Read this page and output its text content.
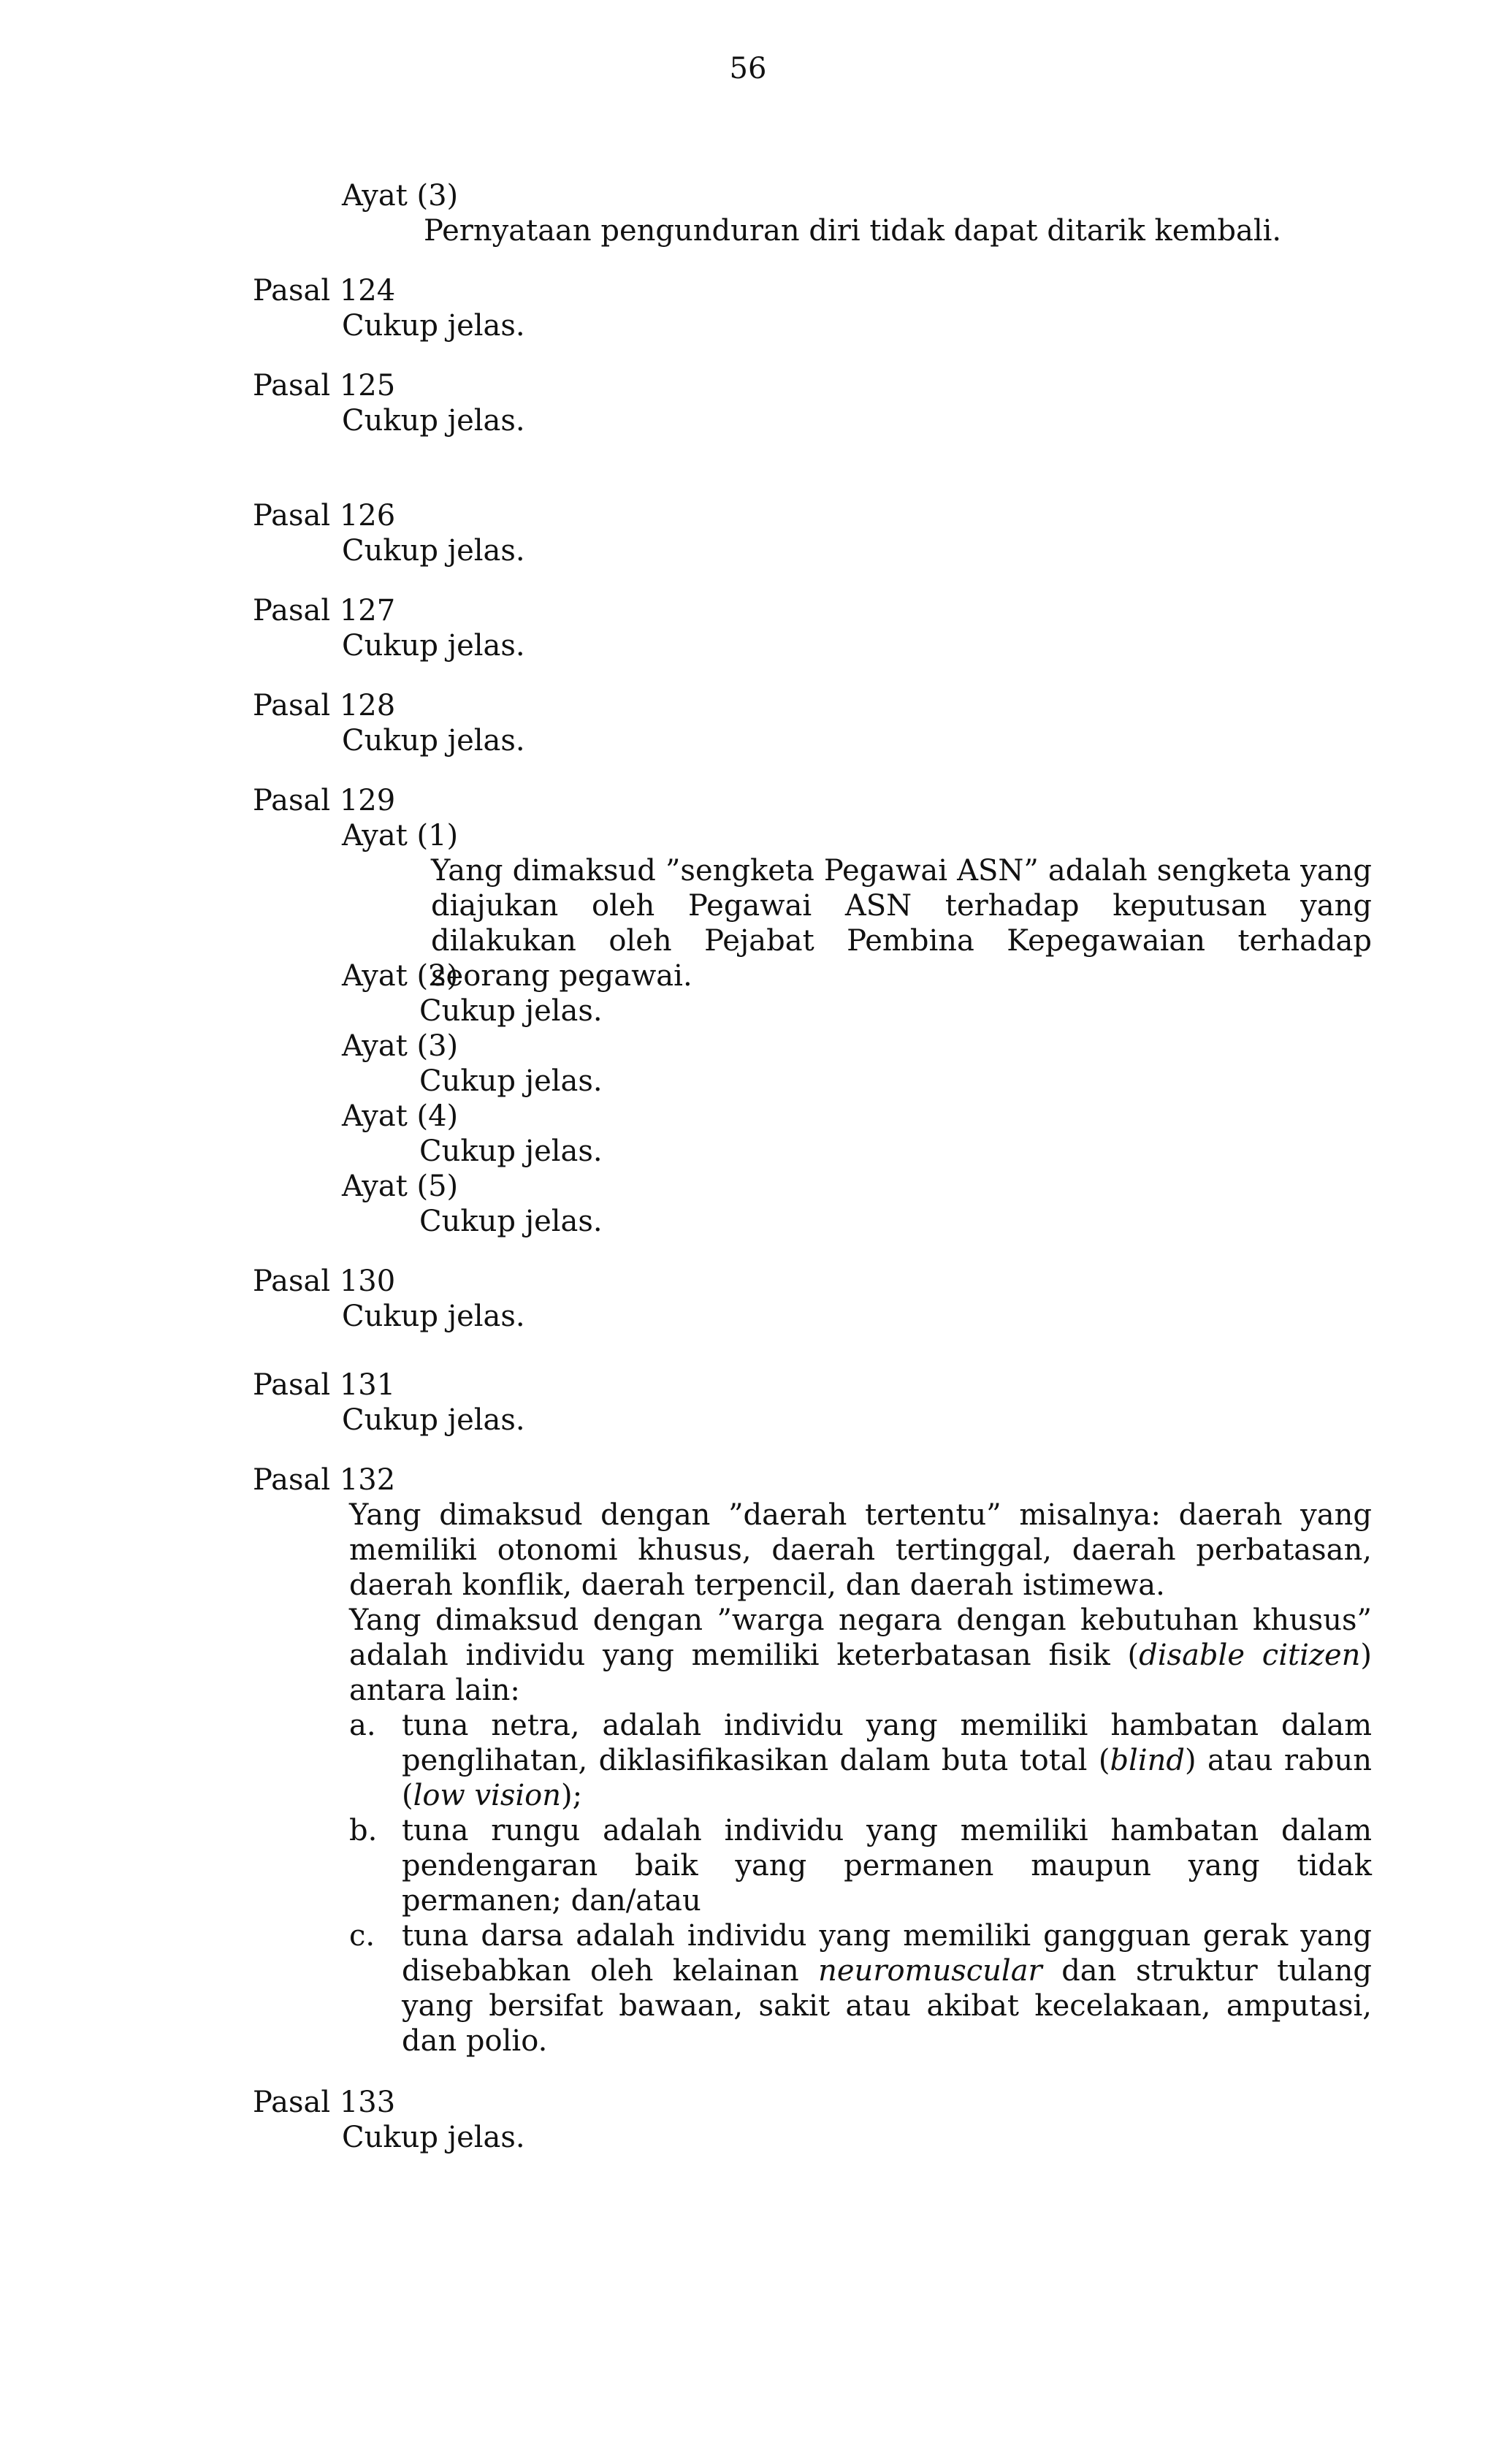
56
Ayat (3)
Pernyataan pengunduran diri tidak dapat ditarik kembali.
Pasal 124
Cukup jelas.
Pasal 125
Cukup jelas.
Pasal 126
Cukup jelas.
Pasal 127
Cukup jelas.
Pasal 128
Cukup jelas.
Pasal 129
Ayat (1)
Yang dimaksud ”sengketa Pegawai ASN” adalah sengketa yang diajukan oleh Pegawai ASN terhadap keputusan yang dilakukan oleh Pejabat Pembina Kepegawaian terhadap seorang pegawai.
Ayat (2)
Cukup jelas.
Ayat (3)
Cukup jelas.
Ayat (4)
Cukup jelas.
Ayat (5)
Cukup jelas.
Pasal 130
Cukup jelas.
Pasal 131
Cukup jelas.
Pasal 132
Yang dimaksud dengan ”daerah tertentu” misalnya: daerah yang memiliki otonomi khusus, daerah tertinggal, daerah perbatasan, daerah konflik, daerah terpencil, dan daerah istimewa.
Yang dimaksud dengan ”warga negara dengan kebutuhan khusus” adalah individu yang memiliki keterbatasan fisik (disable citizen) antara lain:
a. tuna netra, adalah individu yang memiliki hambatan dalam penglihatan, diklasifikasikan dalam buta total (blind) atau rabun (low vision);
b. tuna rungu adalah individu yang memiliki hambatan dalam pendengaran baik yang permanen maupun yang tidak permanen; dan/atau
c. tuna darsa adalah individu yang memiliki gangguan gerak yang disebabkan oleh kelainan neuromuscular dan struktur tulang yang bersifat bawaan, sakit atau akibat kecelakaan, amputasi, dan polio.
Pasal 133
Cukup jelas.
